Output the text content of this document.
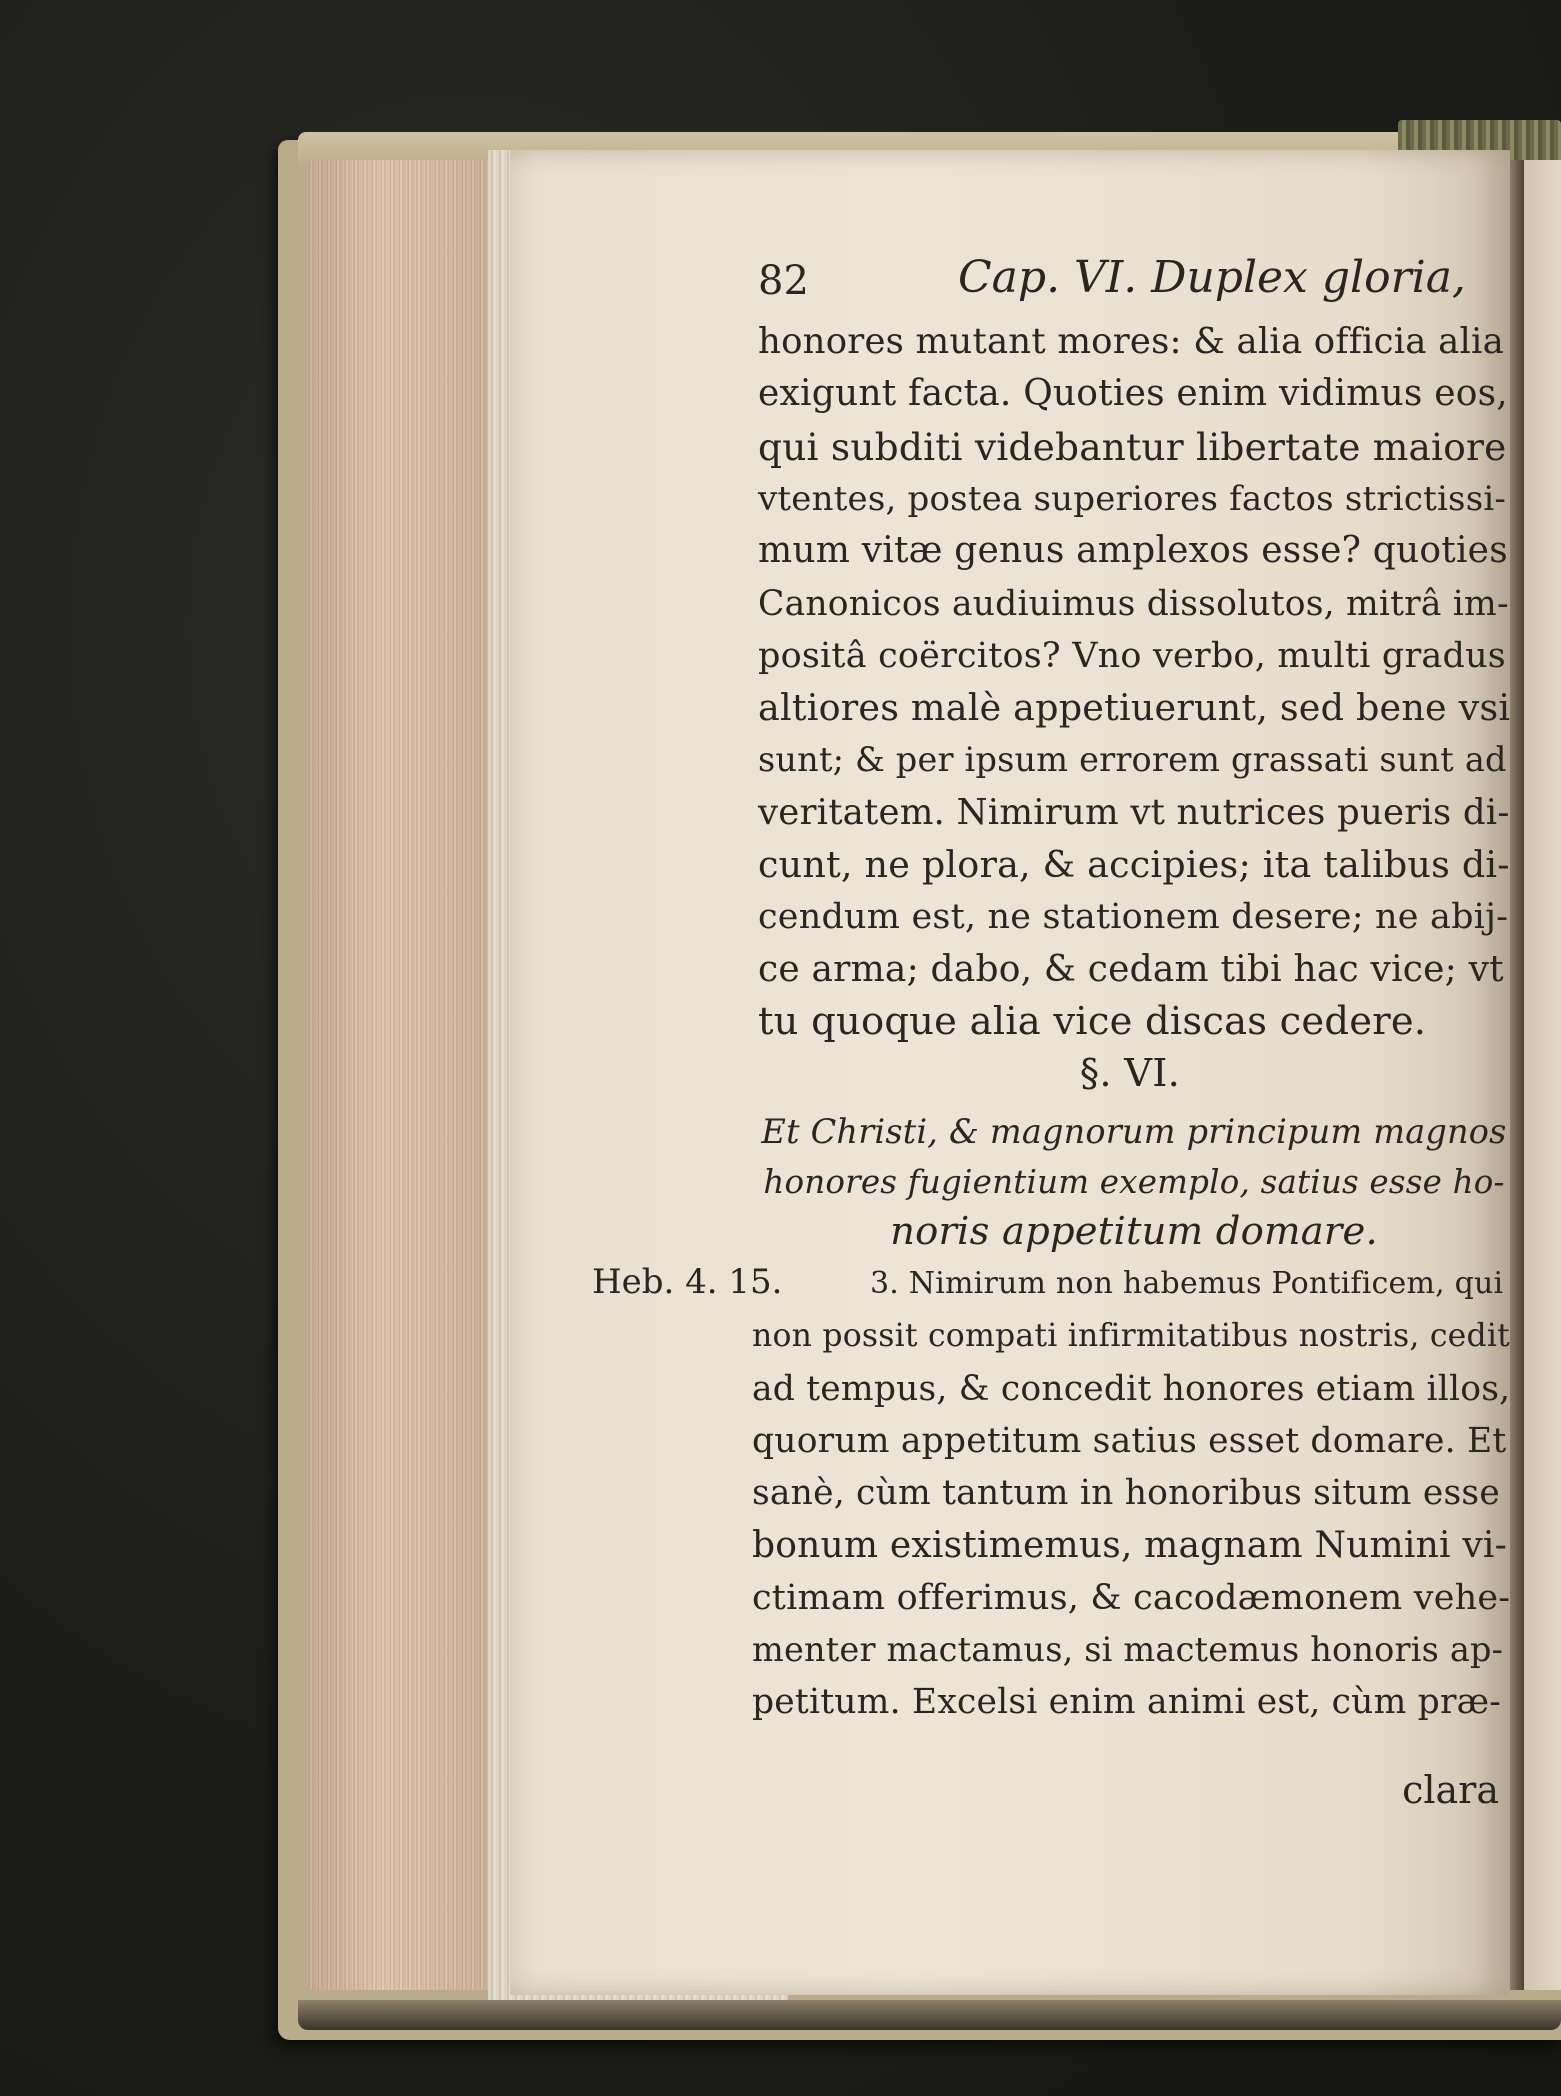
82	Cap. VI. Duplex gloria,
honores mutant mores: & alia officia alia
exigunt facta. Quoties enim vidimus eos,
qui subditi videbantur libertate maiore
vtentes, postea superiores factos strictissi-
mum vitæ genus amplexos esse? quoties
Canonicos audiuimus dissolutos, mitrâ im-
positâ coërcitos? Vno verbo, multi gradus
altiores malè appetiuerunt, sed bene vsi
sunt; & per ipsum errorem grassati sunt ad
veritatem. Nimirum vt nutrices pueris di-
cunt, ne plora, & accipies; ita talibus di-
cendum est, ne stationem desere; ne abij-
ce arma; dabo, & cedam tibi hac vice; vt
tu quoque alia vice discas cedere.
§. VI.
Et Christi, & magnorum principum magnos
honores fugientium exemplo, satius esse ho-
noris appetitum domare.
Heb. 4. 15.	3. Nimirum non habemus Pontificem, qui
non possit compati infirmitatibus nostris, cedit
ad tempus, & concedit honores etiam illos,
quorum appetitum satius esset domare. Et
sanè, cùm tantum in honoribus situm esse
bonum existimemus, magnam Numini vi-
ctimam offerimus, & cacodæmonem vehe-
menter mactamus, si mactemus honoris ap-
petitum. Excelsi enim animi est, cùm præ-
clara
